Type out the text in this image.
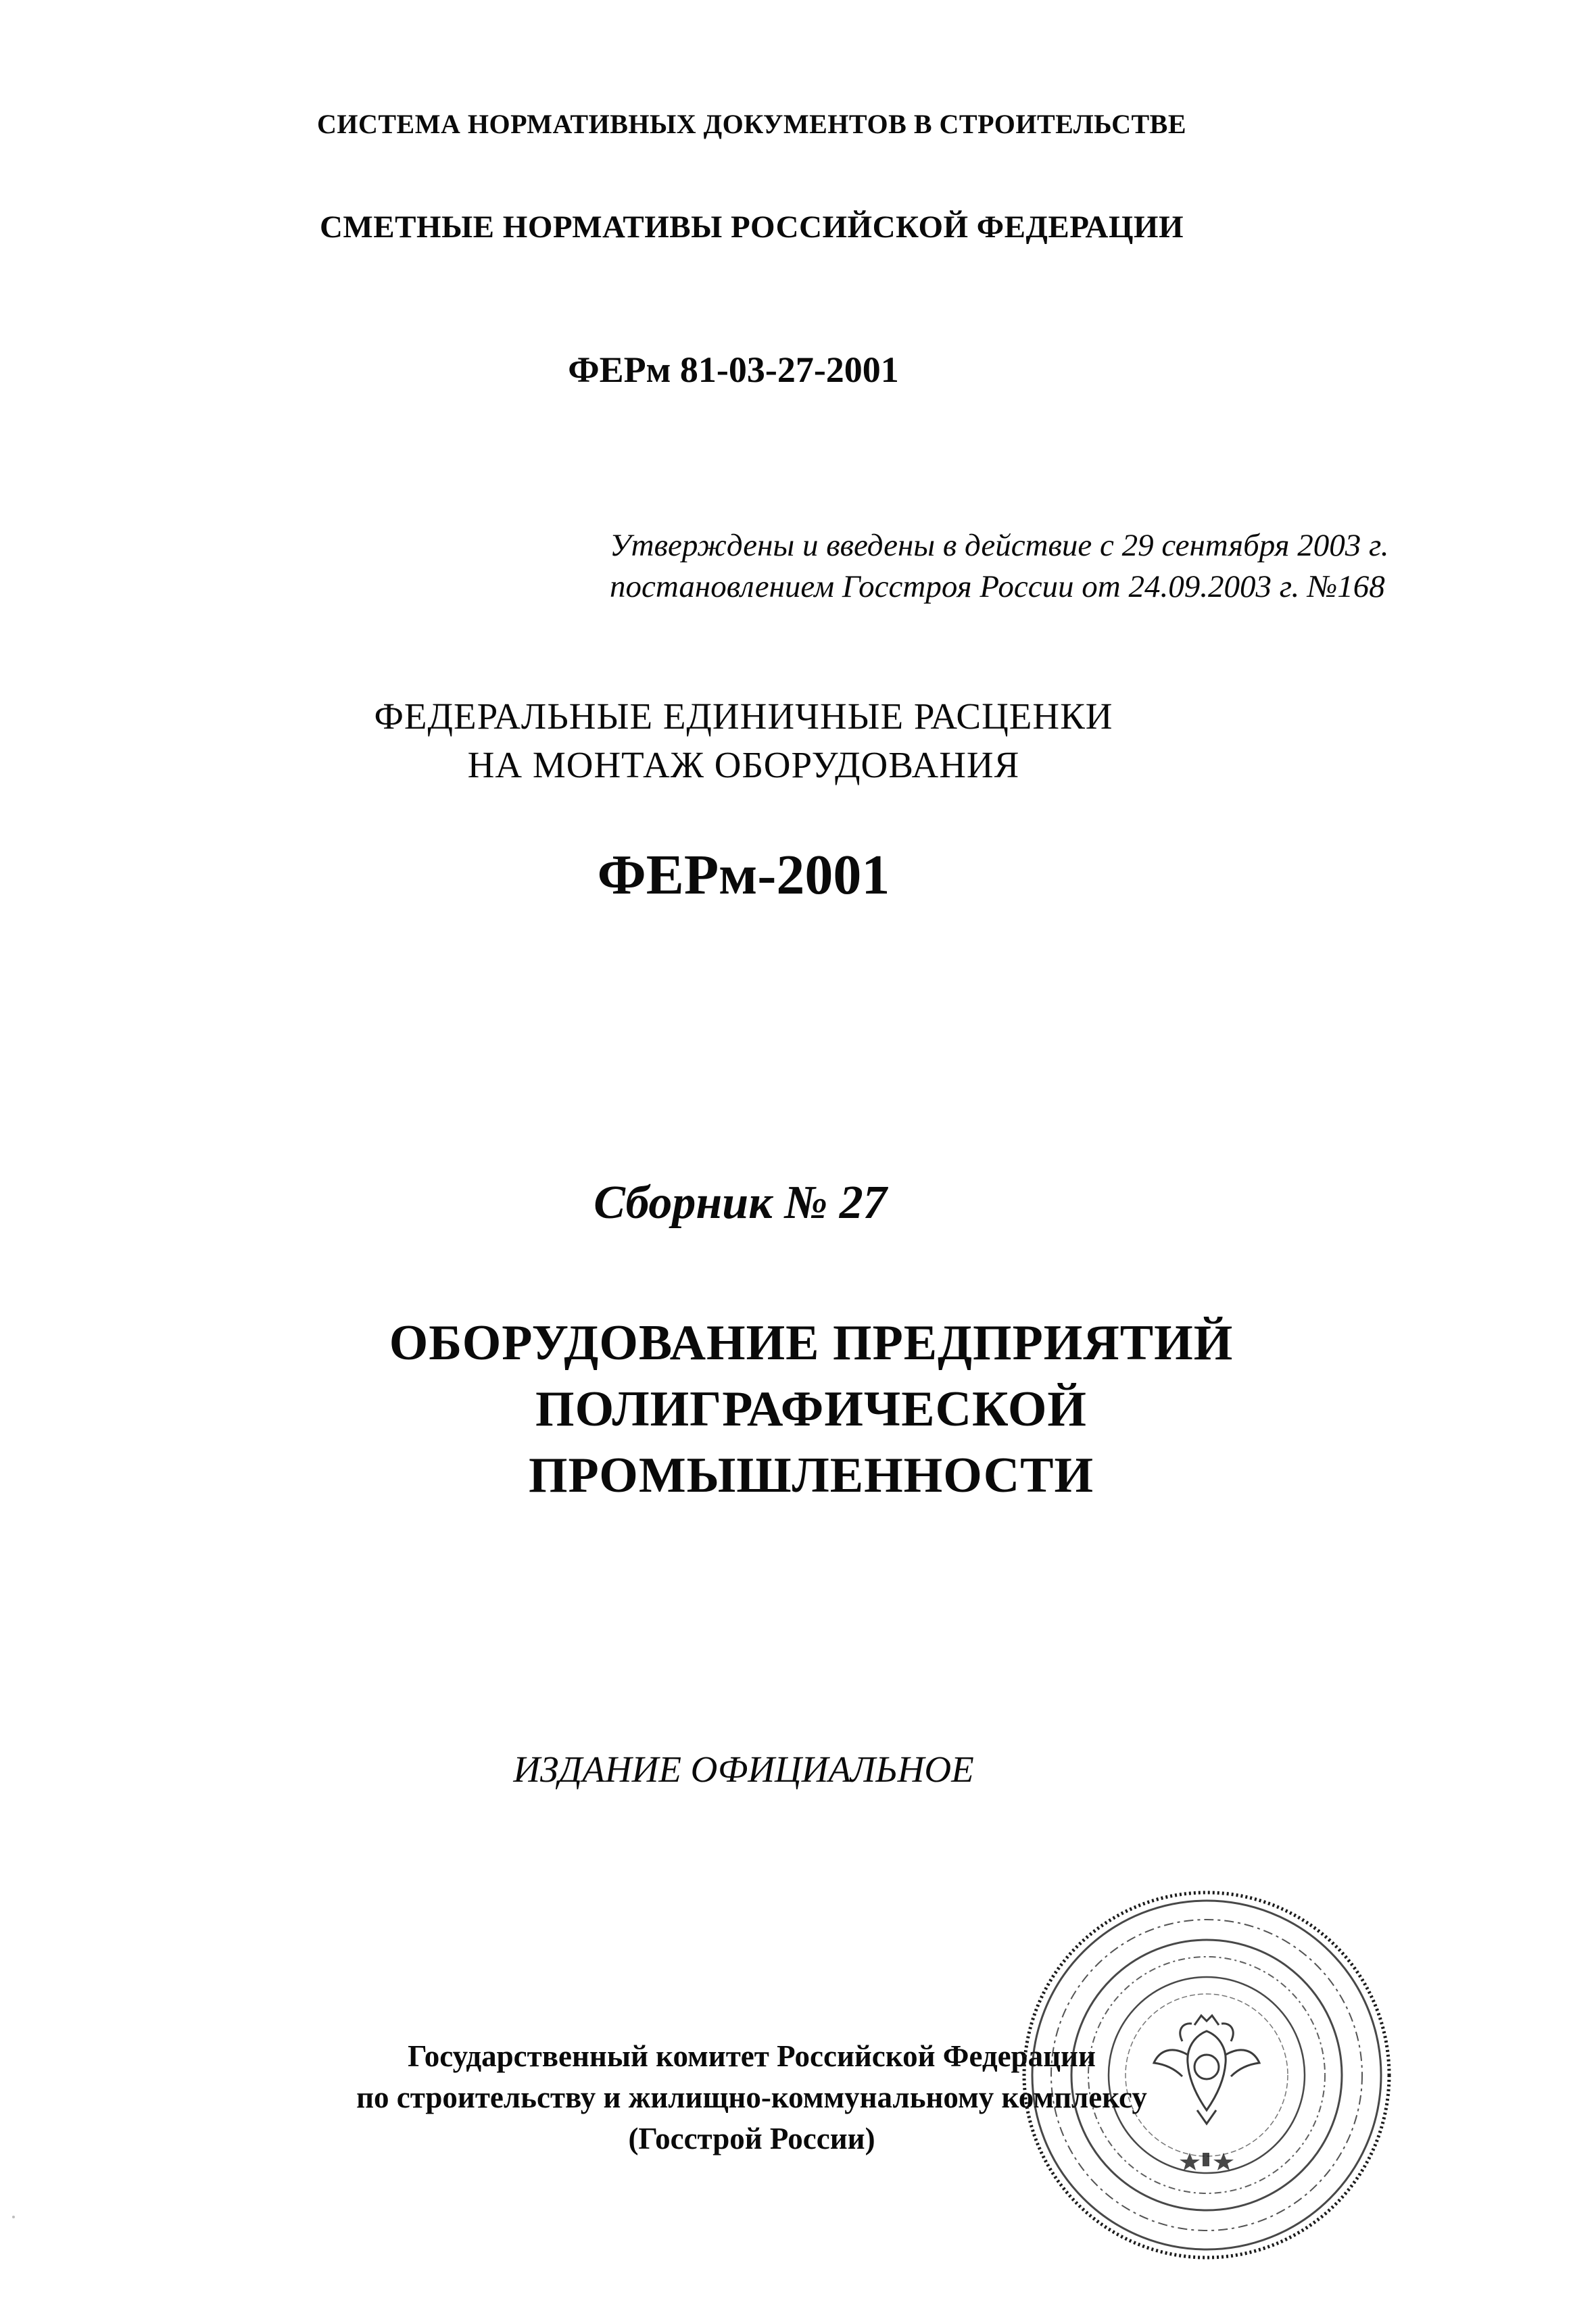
СИСТЕМА НОРМАТИВНЫХ ДОКУМЕНТОВ В СТРОИТЕЛЬСТВЕ
СМЕТНЫЕ НОРМАТИВЫ РОССИЙСКОЙ ФЕДЕРАЦИИ
ФЕРм 81-03-27-2001
Утверждены и введены в действие с 29 сентября 2003 г.
постановлением Госстроя России от 24.09.2003 г. №168
ФЕДЕРАЛЬНЫЕ ЕДИНИЧНЫЕ РАСЦЕНКИ
НА МОНТАЖ ОБОРУДОВАНИЯ
ФЕРм-2001
Сборник № 27
ОБОРУДОВАНИЕ ПРЕДПРИЯТИЙ
ПОЛИГРАФИЧЕСКОЙ
ПРОМЫШЛЕННОСТИ
ИЗДАНИЕ ОФИЦИАЛЬНОЕ
Государственный комитет Российской Федерации
по строительству и жилищно-коммунальному комплексу
(Госстрой России)
